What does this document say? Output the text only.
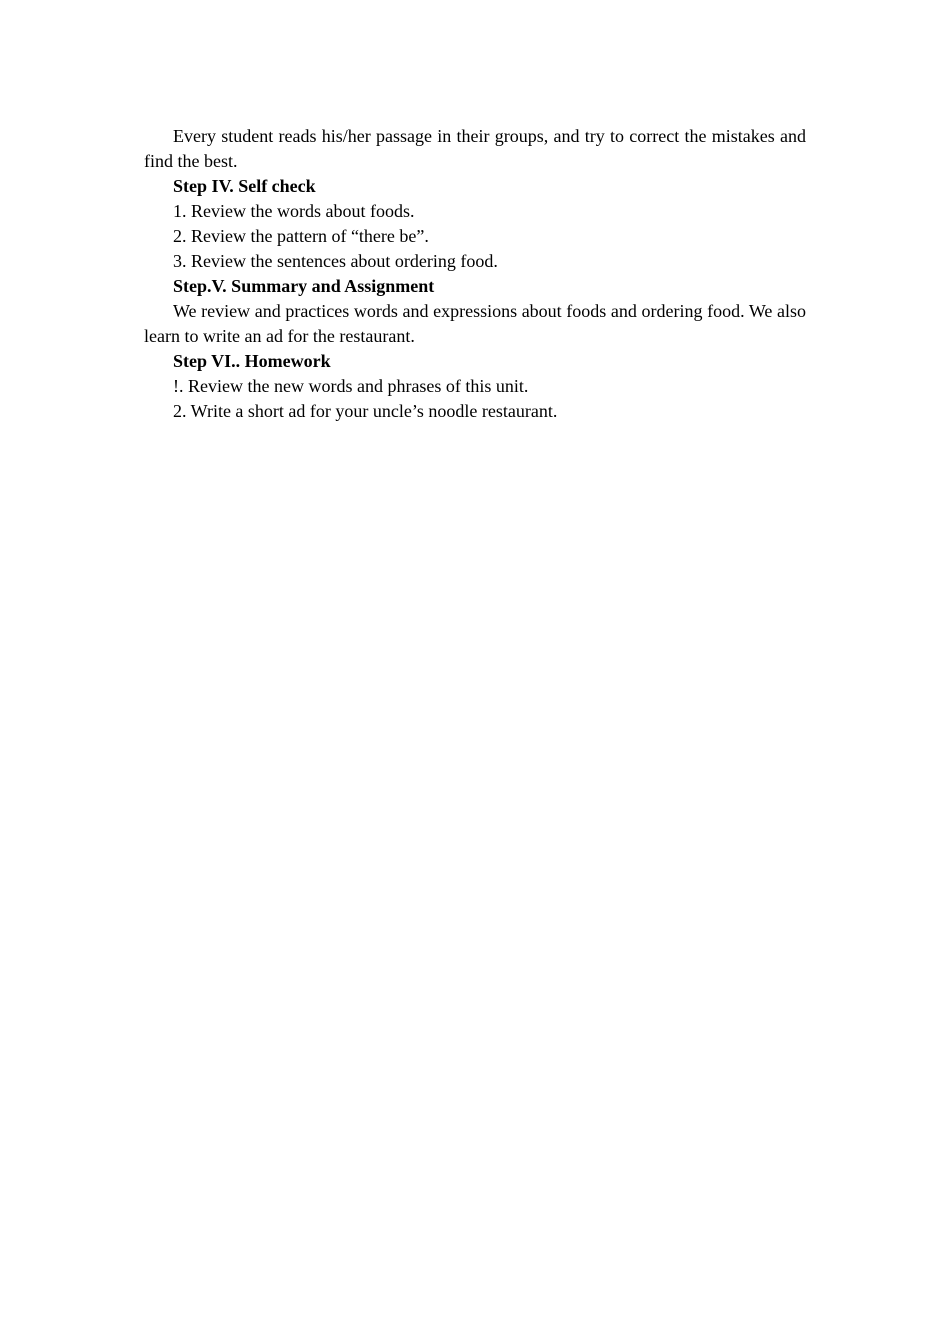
Every student reads his/her passage in their groups, and try to correct the mistakes and find the best.

Step IV. Self check

1. Review the words about foods.

2. Review the pattern of “there be”.

3. Review the sentences about ordering food.

Step.V. Summary and Assignment

We review and practices words and expressions about foods and ordering food. We also learn to write an ad for the restaurant.

Step VI.. Homework

!. Review the new words and phrases of this unit.

2. Write a short ad for your uncle’s noodle restaurant.
